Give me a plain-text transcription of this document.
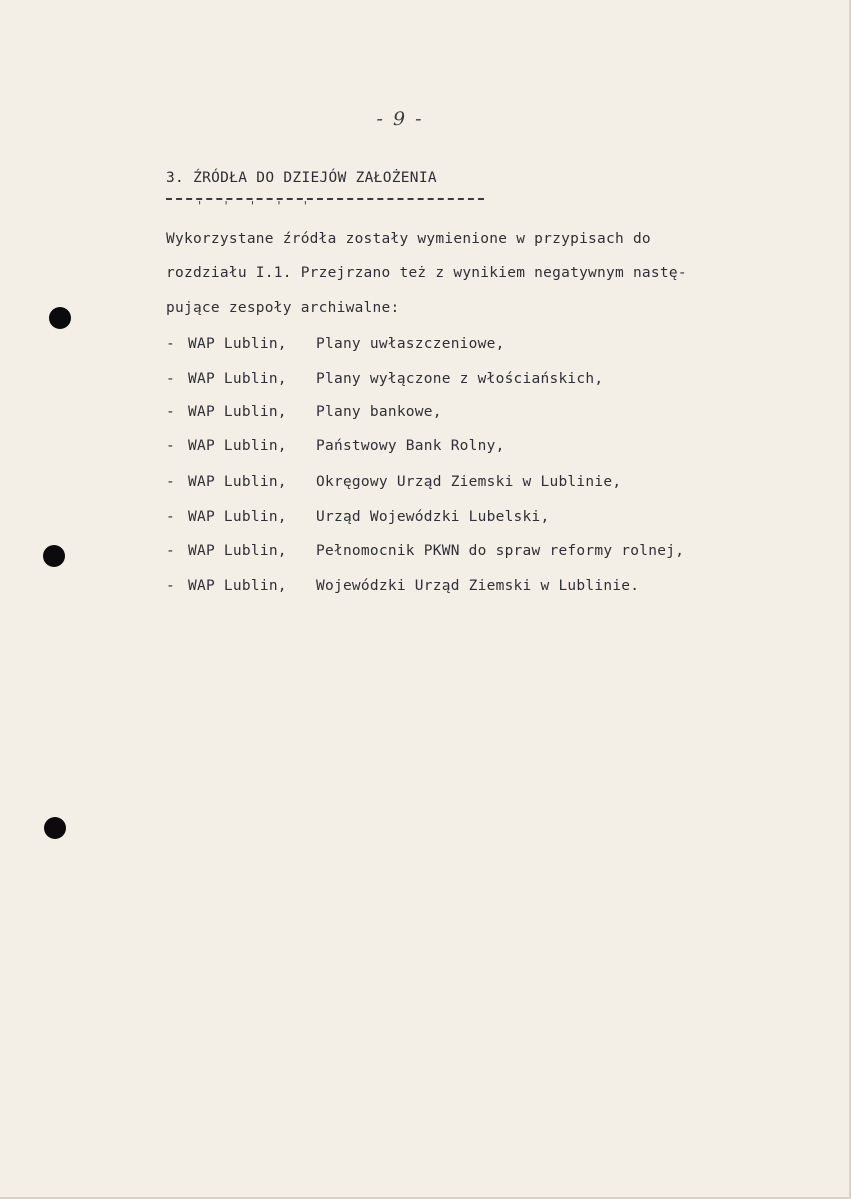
- 9 -
3. ŹRÓDŁA DO DZIEJÓW ZAŁOŻENIA
' ' ' ' '
Wykorzystane źródła zostały wymienione w przypisach do
rozdziału I.1. Przejrzano też z wynikiem negatywnym nastę-
pujące zespoły archiwalne:
- WAP Lublin, Plany uwłaszczeniowe,
- WAP Lublin, Plany wyłączone z włościańskich,
- WAP Lublin, Plany bankowe,
- WAP Lublin, Państwowy Bank Rolny,
- WAP Lublin, Okręgowy Urząd Ziemski w Lublinie,
- WAP Lublin, Urząd Wojewódzki Lubelski,
- WAP Lublin, Pełnomocnik PKWN do spraw reformy rolnej,
- WAP Lublin, Wojewódzki Urząd Ziemski w Lublinie.
